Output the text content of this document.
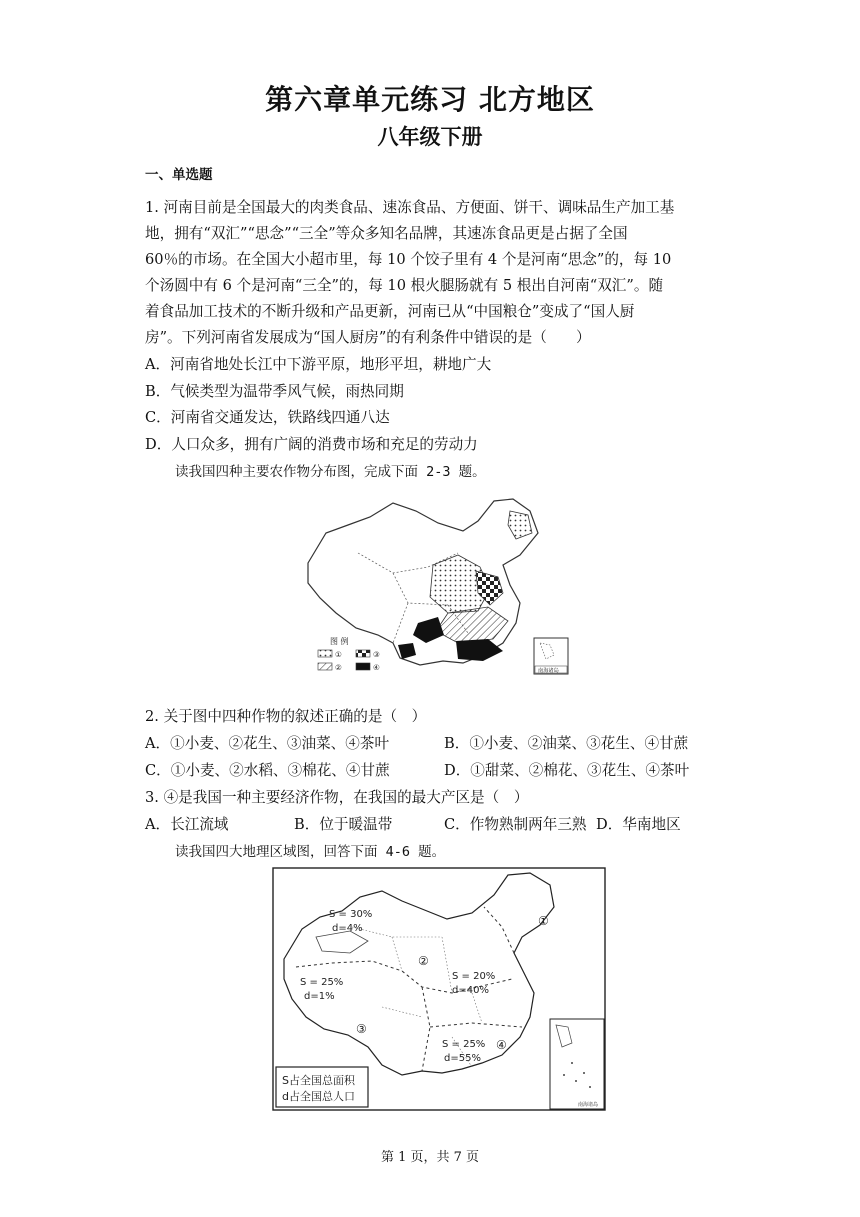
第六章单元练习 北方地区
八年级下册
一、单选题
1. 河南目前是全国最大的肉类食品、速冻食品、方便面、饼干、调味品生产加工基
地，拥有“双汇”“思念”“三全”等众多知名品牌，其速冻食品更是占据了全国
60％的市场。在全国大小超市里，每 10 个饺子里有 4 个是河南“思念”的，每 10
个汤圆中有 6 个是河南“三全”的，每 10 根火腿肠就有 5 根出自河南“双汇”。随
着食品加工技术的不断升级和产品更新，河南已从“中国粮仓”变成了“国人厨
房”。下列河南省发展成为“国人厨房”的有利条件中错误的是（　　）
A．河南省地处长江中下游平原，地形平坦，耕地广大
B．气候类型为温带季风气候，雨热同期
C．河南省交通发达，铁路线四通八达
D．人口众多，拥有广阔的消费市场和充足的劳动力
读我国四种主要农作物分布图，完成下面 2-3 题。
图 例
①	③
②	④	南海诸岛
2. 关于图中四种作物的叙述正确的是（　）
A．①小麦、②花生、③油菜、④茶叶	B．①小麦、②油菜、③花生、④甘蔗
C．①小麦、②水稻、③棉花、④甘蔗	D．①甜菜、②棉花、③花生、④茶叶
3. ④是我国一种主要经济作物，在我国的最大产区是（　）
A．长江流域	B．位于暖温带	C．作物熟制两年三熟 D．华南地区
读我国四大地理区域图，回答下面 4-6 题。
S = 30%
d=4%
S = 25%
d=1%
S = 20%
d=40%
S = 25%
d=55%
①
②
③
④
S占全国总面积
d占全国总人口
南海诸岛
第 1 页，共 7 页
